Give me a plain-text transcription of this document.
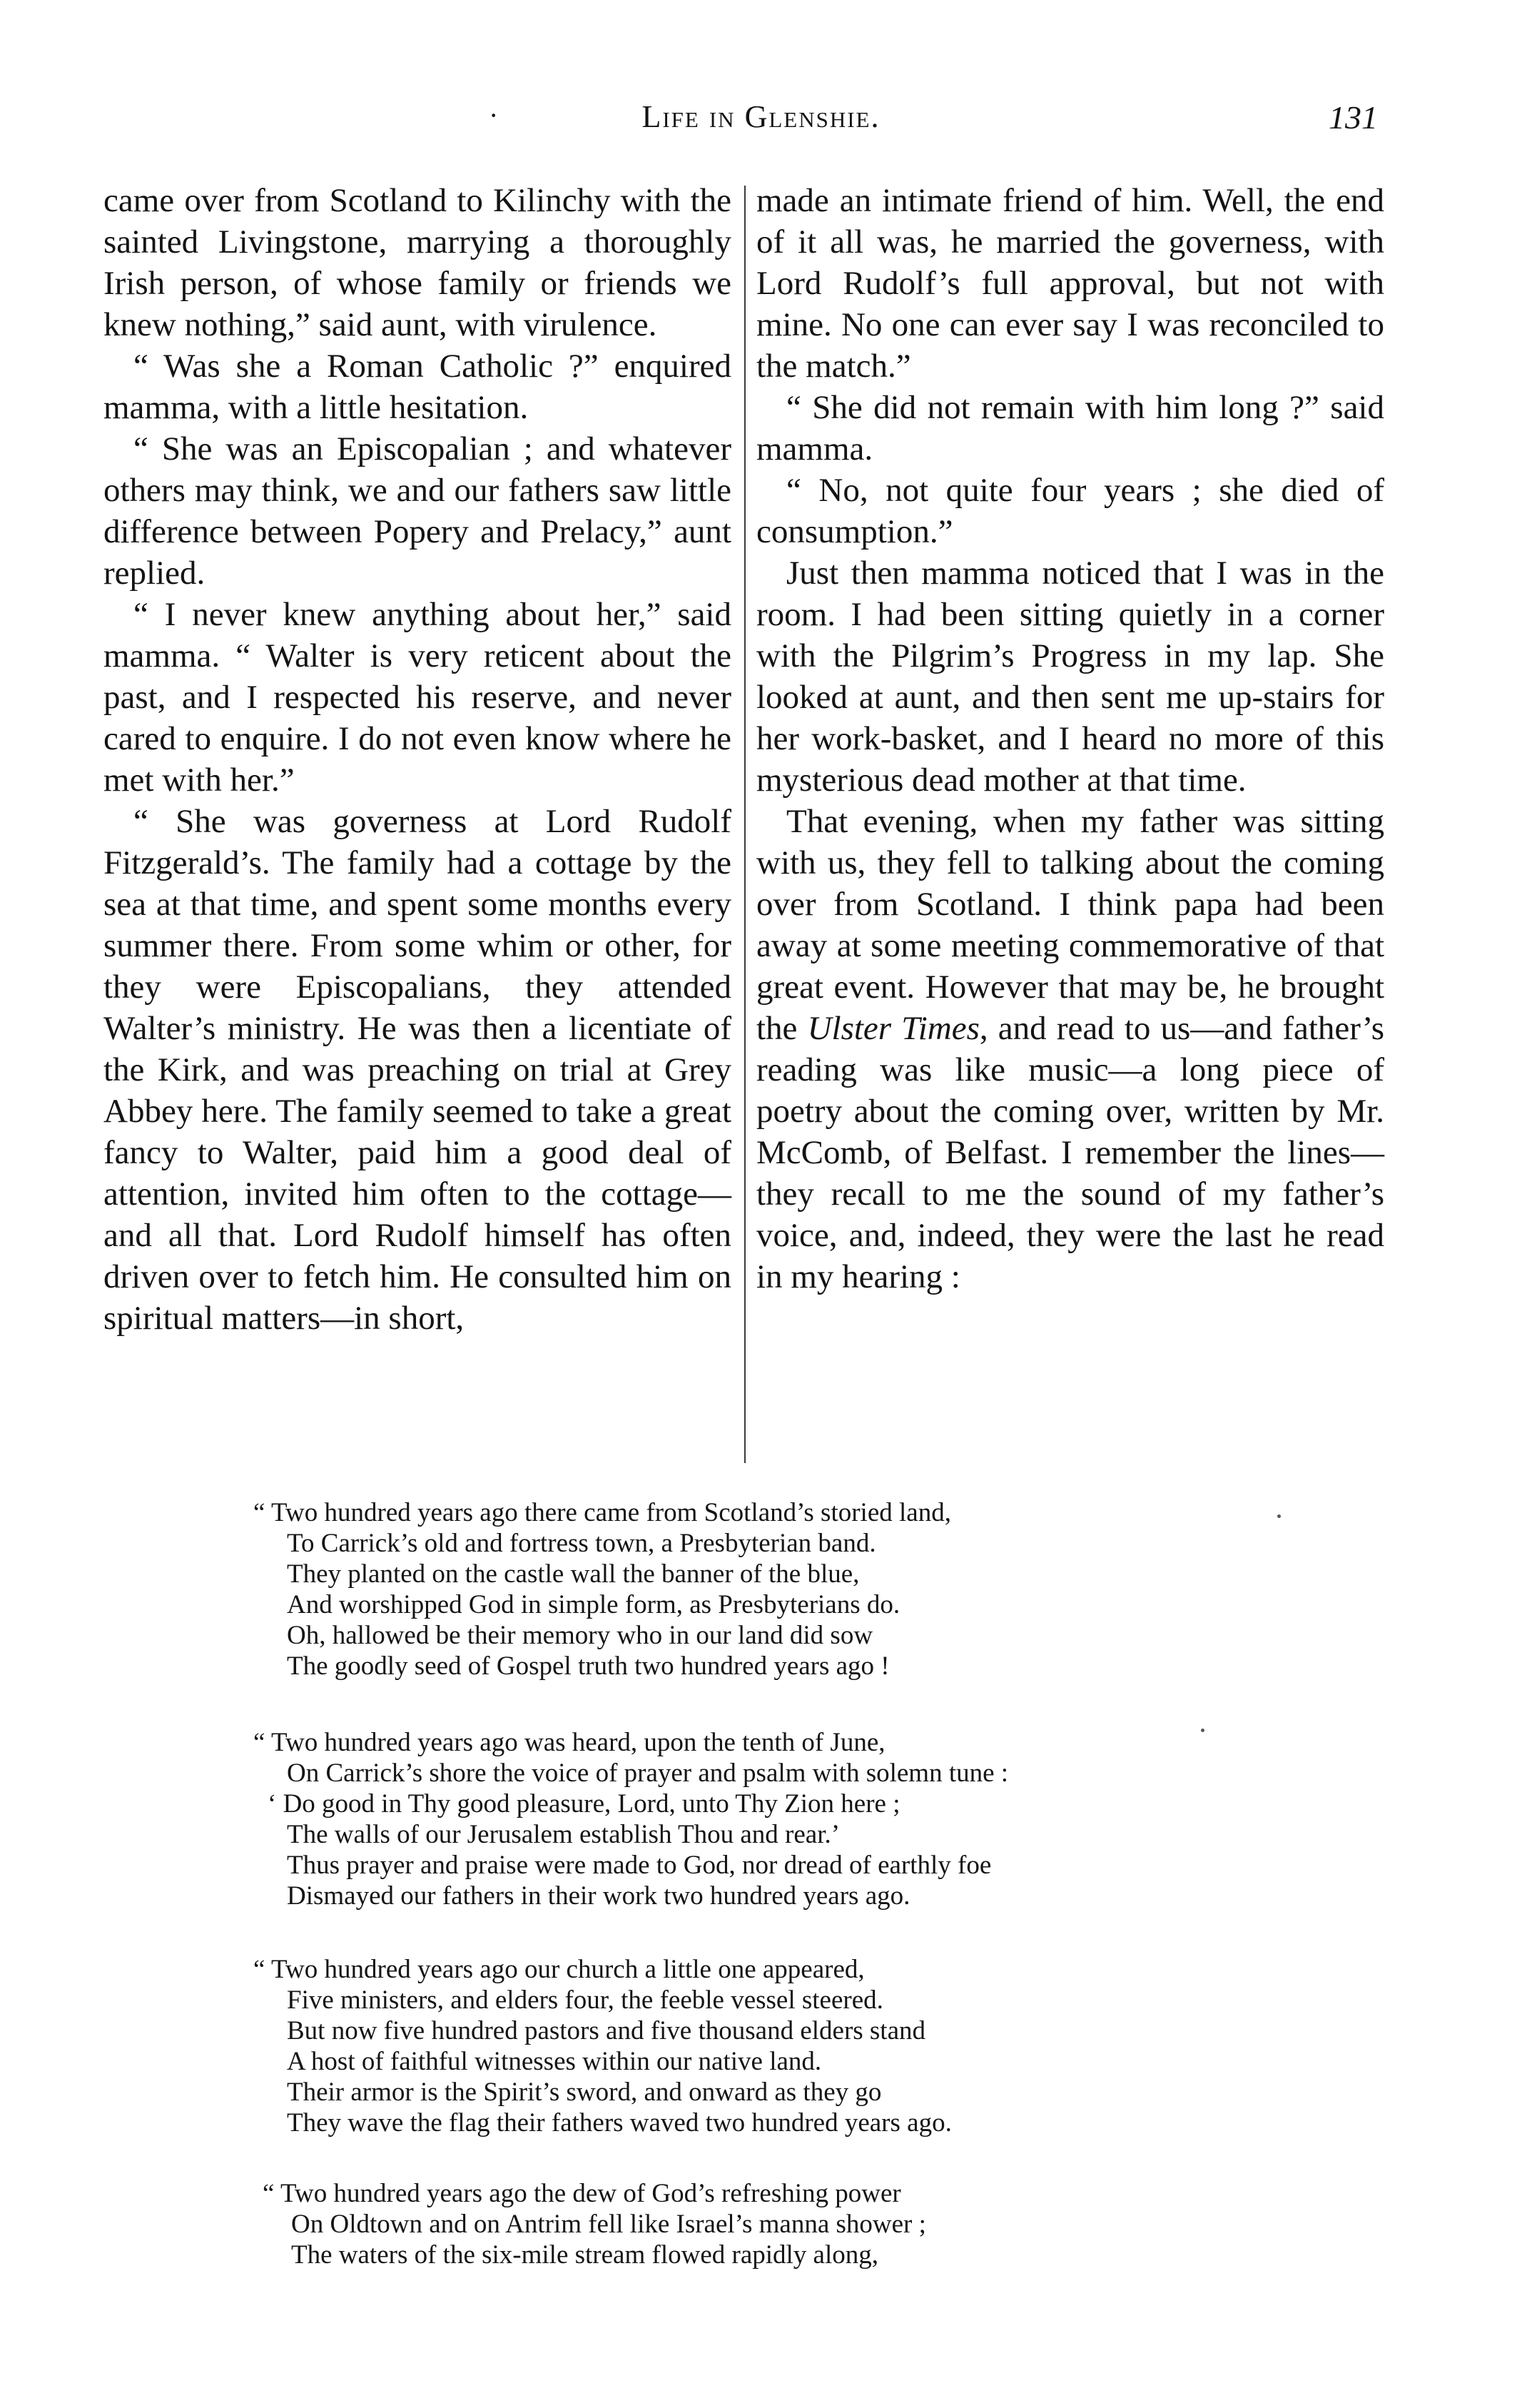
·	Life in Glenshie.	131

came over from Scotland to Kilinchy with the sainted Livingstone, marrying a thoroughly Irish person, of whose family or friends we knew nothing,” said aunt, with virulence.

“ Was she a Roman Catholic ?” enquired mamma, with a little hesitation.

“ She was an Episcopalian ; and whatever others may think, we and our fathers saw little difference between Popery and Prelacy,” aunt replied.

“ I never knew anything about her,” said mamma. “ Walter is very reticent about the past, and I respected his reserve, and never cared to enquire. I do not even know where he met with her.”

“ She was governess at Lord Rudolf Fitzgerald’s. The family had a cottage by the sea at that time, and spent some months every summer there. From some whim or other, for they were Episcopalians, they attended Walter’s ministry. He was then a licentiate of the Kirk, and was preaching on trial at Grey Abbey here. The family seemed to take a great fancy to Walter, paid him a good deal of attention, invited him often to the cottage—and all that. Lord Rudolf himself has often driven over to fetch him. He consulted him on spiritual matters—in short,

made an intimate friend of him. Well, the end of it all was, he married the governess, with Lord Rudolf’s full approval, but not with mine. No one can ever say I was reconciled to the match.”

“ She did not remain with him long ?” said mamma.

“ No, not quite four years ; she died of consumption.”

Just then mamma noticed that I was in the room. I had been sitting quietly in a corner with the Pilgrim’s Progress in my lap. She looked at aunt, and then sent me up-stairs for her work-basket, and I heard no more of this mysterious dead mother at that time.

That evening, when my father was sitting with us, they fell to talking about the coming over from Scotland. I think papa had been away at some meeting commemorative of that great event. However that may be, he brought the Ulster Times, and read to us—and father’s reading was like music—a long piece of poetry about the coming over, written by Mr. McComb, of Belfast. I remember the lines—they recall to me the sound of my father’s voice, and, indeed, they were the last he read in my hearing :

“ Two hundred years ago there came from Scotland’s storied land,
To Carrick’s old and fortress town, a Presbyterian band.
They planted on the castle wall the banner of the blue,
And worshipped God in simple form, as Presbyterians do.
Oh, hallowed be their memory who in our land did sow
The goodly seed of Gospel truth two hundred years ago !
“ Two hundred years ago was heard, upon the tenth of June,
On Carrick’s shore the voice of prayer and psalm with solemn tune :
‘ Do good in Thy good pleasure, Lord, unto Thy Zion here ;
The walls of our Jerusalem establish Thou and rear.’
Thus prayer and praise were made to God, nor dread of earthly foe
Dismayed our fathers in their work two hundred years ago.
“ Two hundred years ago our church a little one appeared,
Five ministers, and elders four, the feeble vessel steered.
But now five hundred pastors and five thousand elders stand
A host of faithful witnesses within our native land.
Their armor is the Spirit’s sword, and onward as they go
They wave the flag their fathers waved two hundred years ago.
“ Two hundred years ago the dew of God’s refreshing power
On Oldtown and on Antrim fell like Israel’s manna shower ;
The waters of the six-mile stream flowed rapidly along,
